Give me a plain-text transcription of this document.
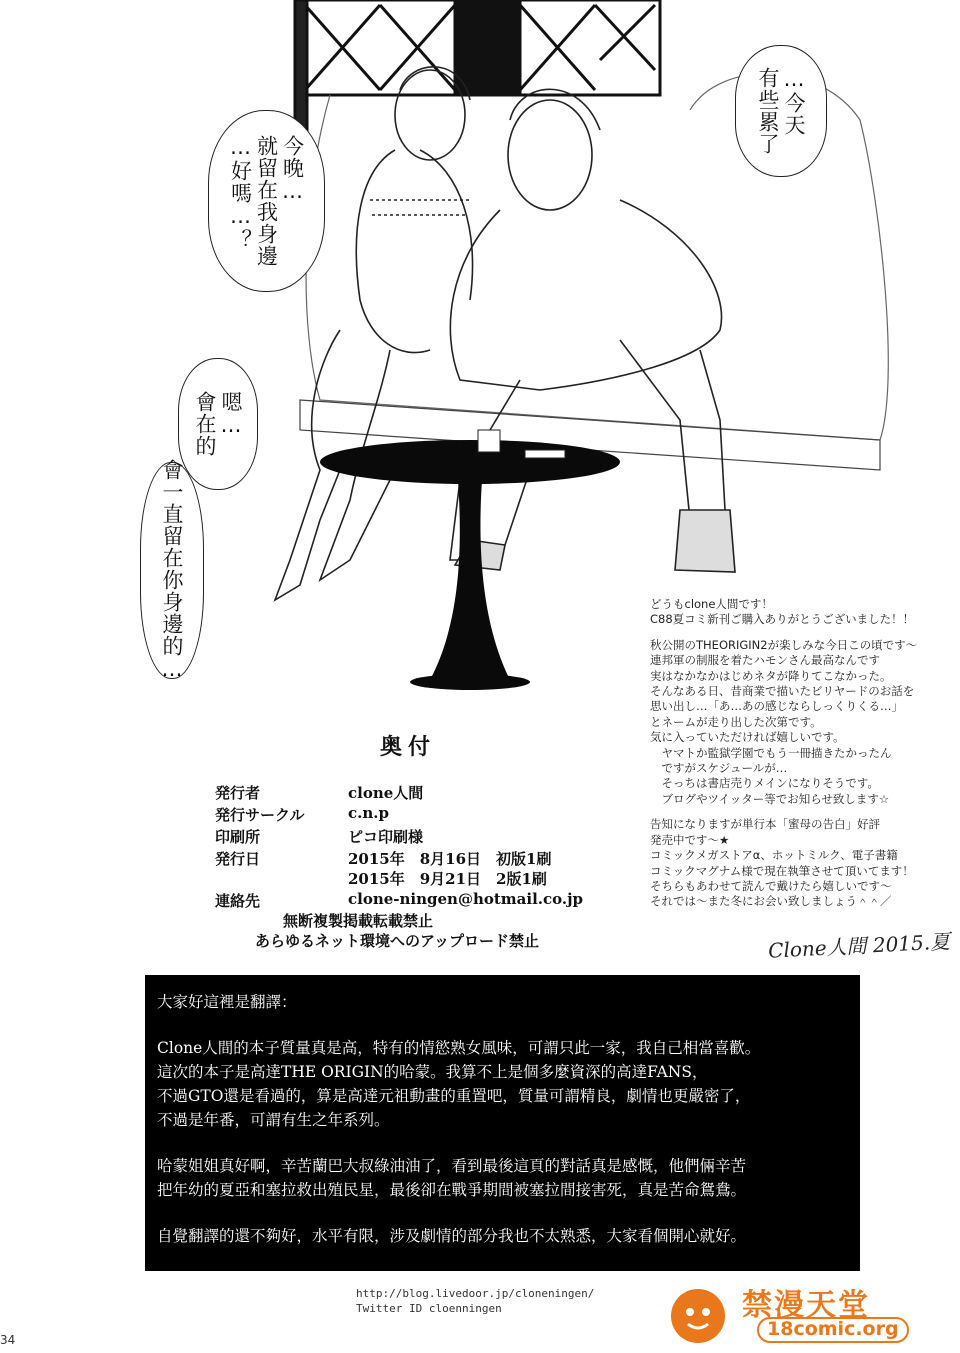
…今天
有些累了
今晚…
就留在我身邊
…好嗎…？
嗯…
會在的
會一直留在你身邊的…	どうもclone人間です！

C88夏コミ新刊ご購入ありがとうございました！！

秋公開のTHEORIGIN2が楽しみな今日この頃です～

連邦軍の制服を着たハモンさん最高なんです

実はなかなかはじめネタが降りてこなかった。

そんなある日、昔商業で描いたビリヤードのお話を

思い出し…「あ…あの感じならしっくりくる…」

とネームが走り出した次第です。

気に入っていただければ嬉しいです。

　ヤマトか監獄学園でもう一冊描きたかったん

　ですがスケジュールが…

　そっちは書店売りメインになりそうです。

　ブログやツイッター等でお知らせ致します☆

告知になりますが単行本「蜜母の告白」好評

発売中です～★

コミックメガストアα、ホットミルク、電子書籍

コミックマグナム様で現在執筆させて頂いてます！

そちらもあわせて読んで戴けたら嬉しいです～

それでは～また冬にお会い致しましょう＾＾／

Clone人間 2015.夏
奥付
発行者	clone人間
発行サークル	c.n.p
印刷所	ピコ印刷様
発行日	2015年　8月16日　初版1刷
2015年　9月21日　2版1刷
連絡先	clone-ningen@hotmail.co.jp
無断複製掲載転載禁止
あらゆるネット環境へのアップロード禁止

大家好這裡是翻譯：

Clone人間的本子質量真是高，特有的情慾熟女風味，可謂只此一家，我自己相當喜歡。

這次的本子是高達THE ORIGIN的哈蒙。我算不上是個多麼資深的高達FANS，

不過GTO還是看過的，算是高達元祖動畫的重置吧，質量可謂精良，劇情也更嚴密了，

不過是年番，可謂有生之年系列。

哈蒙姐姐真好啊，辛苦蘭巴大叔綠油油了，看到最後這頁的對話真是感慨，他們倆辛苦

把年幼的夏亞和塞拉救出殖民星，最後卻在戰爭期間被塞拉間接害死，真是苦命鴛鴦。

自覺翻譯的還不夠好，水平有限，涉及劇情的部分我也不太熟悉，大家看個開心就好。

http://blog.livedoor.jp/cloneningen/
Twitter ID cloenningen
34
禁漫天堂
18comic.org
